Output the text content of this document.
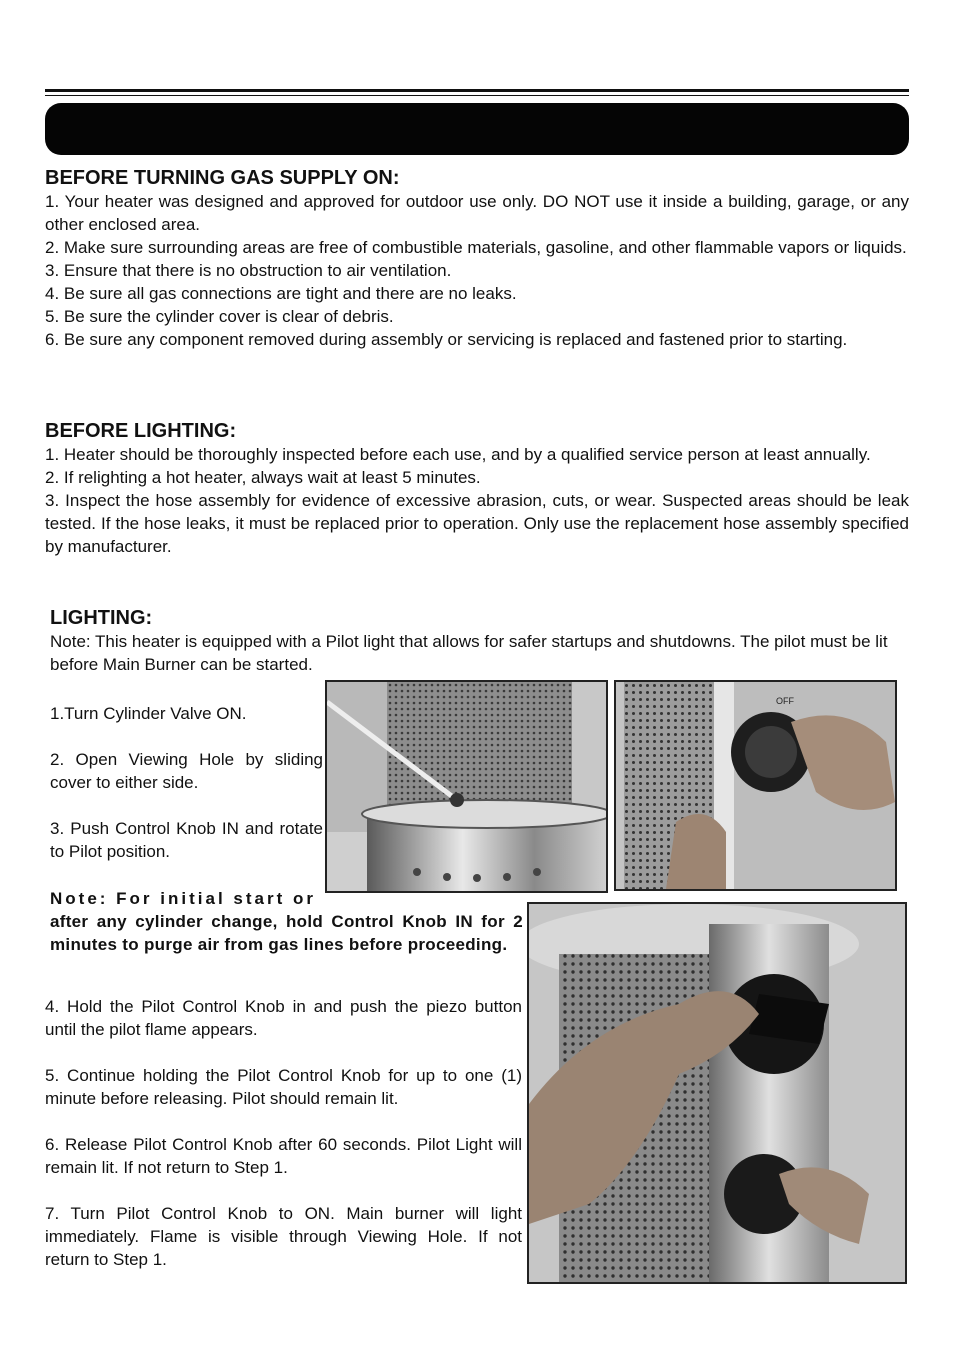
BEFORE TURNING GAS SUPPLY ON:
1. Your heater was designed and approved for outdoor use only. DO NOT use it inside a building, garage, or any other enclosed area.
2. Make sure surrounding areas are free of combustible materials, gasoline, and other flammable vapors or liquids.
3. Ensure that there is no obstruction to air ventilation.
4. Be sure all gas connections are tight and there are no leaks.
5. Be sure the cylinder cover is clear of debris.
6. Be sure any component removed during assembly or servicing is replaced and fastened prior to starting.
BEFORE LIGHTING:
1. Heater should be thoroughly inspected before each use, and by a qualified service person at least annually.
2. If relighting a hot heater, always wait at least 5 minutes.
3. Inspect the hose assembly for evidence of excessive abrasion, cuts, or wear. Suspected areas should be leak tested. If the hose leaks, it must be replaced prior to operation. Only use the replacement hose assembly specified by manufacturer.
LIGHTING:

Note: This heater is equipped with a Pilot light that allows for safer startups and shutdowns. The pilot must be lit before Main Burner can be started.

1.Turn Cylinder Valve ON.

2. Open Viewing Hole by sliding cover to either side.

3. Push Control Knob IN and rotate to Pilot position.

Note: For initial start or
after any cylinder change, hold Control Knob IN for 2 minutes to purge air from gas lines before proceeding.

4. Hold the Pilot Control Knob in and push the piezo button until the pilot flame appears.

5. Continue holding the Pilot Control Knob for up to one (1) minute before releasing. Pilot should remain lit.

6. Release Pilot Control Knob after 60 seconds. Pilot Light will remain lit. If not return to Step 1.

7. Turn Pilot Control Knob to ON. Main burner will light immediately. Flame is visible through Viewing Hole. If not return to Step 1.

OFF
